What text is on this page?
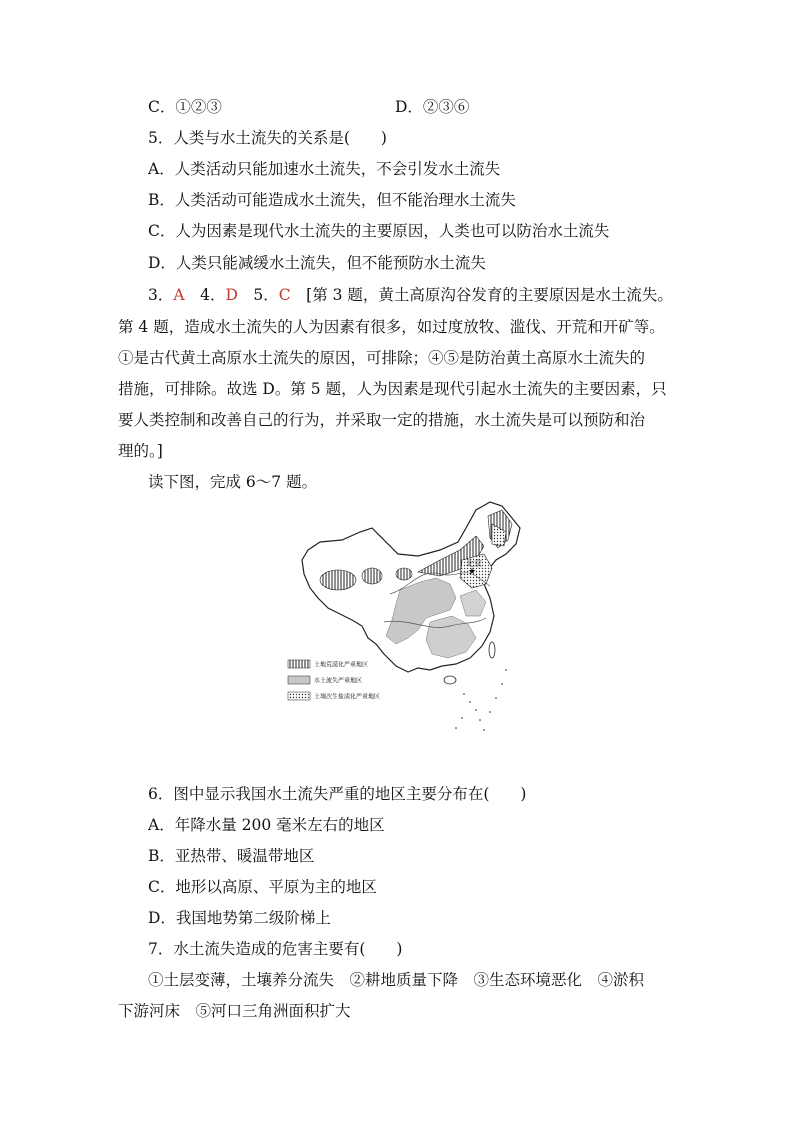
C．①②③	D．②③⑥
5．人类与水土流失的关系是(　　)
A．人类活动只能加速水土流失，不会引发水土流失
B．人类活动可能造成水土流失，但不能治理水土流失
C．人为因素是现代水土流失的主要原因，人类也可以防治水土流失
D．人类只能减缓水土流失，但不能预防水土流失
3．A　4．D　5．C　[第 3 题，黄土高原沟谷发育的主要原因是水土流失。
第 4 题，造成水土流失的人为因素有很多，如过度放牧、滥伐、开荒和开矿等。
①是古代黄土高原水土流失的原因，可排除；④⑤是防治黄土高原水土流失的
措施，可排除。故选 D。第 5 题，人为因素是现代引起水土流失的主要因素，只
要人类控制和改善自己的行为，并采取一定的措施，水土流失是可以预防和治
理的。]
读下图，完成 6～7 题。
★
北京
土地荒漠化严重地区
水土流失严重地区
土壤次生盐渍化严重地区
6．图中显示我国水土流失严重的地区主要分布在(　　)
A．年降水量 200 毫米左右的地区
B．亚热带、暖温带地区
C．地形以高原、平原为主的地区
D．我国地势第二级阶梯上
7．水土流失造成的危害主要有(　　)
①土层变薄，土壤养分流失　②耕地质量下降　③生态环境恶化　④淤积
下游河床　⑤河口三角洲面积扩大
